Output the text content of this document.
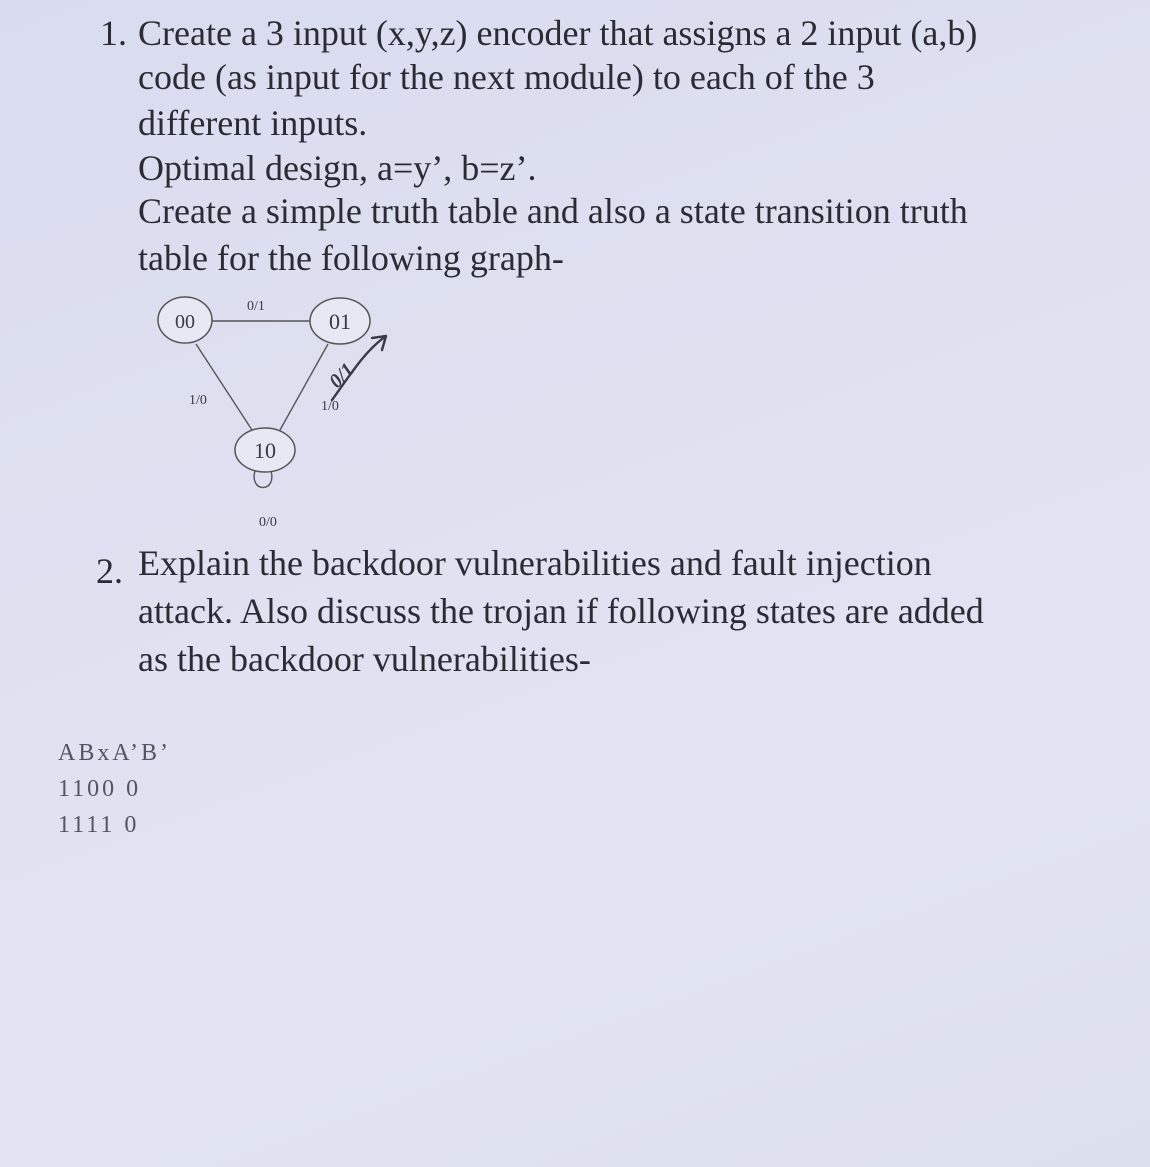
1. Create a 3 input (x,y,z) encoder that assigns a 2 input (a,b)
code (as input for the next module) to each of the 3
different inputs.
Optimal design, a=y’, b=z’.
Create a simple truth table and also a state transition truth
table for the following graph-
00	01
10
0/1
1/0	1/0
0/0
0/1
2. Explain the backdoor vulnerabilities and fault injection
attack. Also discuss the trojan if following states are added
as the backdoor vulnerabilities-
ABxA’B’
1100 0
1111 0
